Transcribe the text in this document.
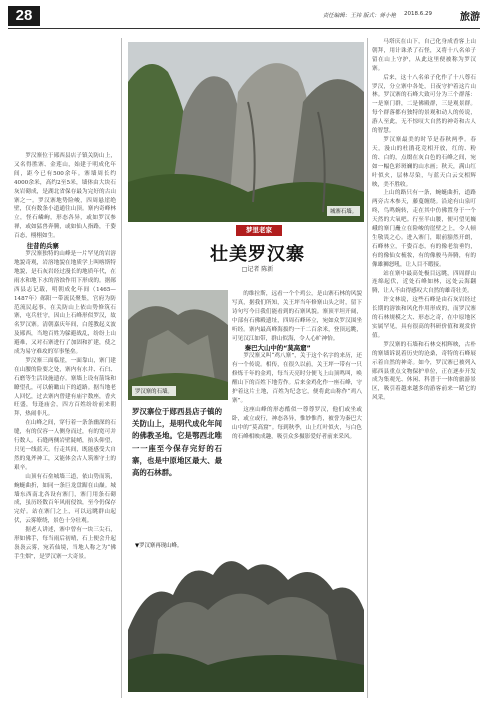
28	责任编辑：王祎 版式：蒋小艳 2018.6.29	旅游

罗汉寨位于郧西县店子镇关防山上，又名得胜寨、金莲山，始建于明成化年间，距今已有500余年。寨墙周长约4000余米，高约2至5米，墙体由大块石灰岩砌成，是湖北省保存最为完好的古山寨之一。罗汉寨地势险峻，四周悬崖绝壁，仅有数条小道通往山顶。寨内奇峰林立，怪石嶙峋，形态各异，或如罗汉参禅，或如猛兽奔腾，或如仙人指路，千姿百态，栩栩如生。

往昔的兵寨

罗汉寨独特的山峰是一片罕见的岩溶地貌奇观，岩溶地貌在地质学上叫喀斯特地貌，是石灰岩经过漫长的地质年代，在雨水和地下水的溶蚀作用下形成的。据郧西县志记载，明朝成化年间（1465—1487年）郧阳一带流民聚集，官府为防范流民起事，在关防山上依山势修筑石寨，屯兵驻守，因山上石峰形似罗汉，故名罗汉寨。清朝嘉庆年间，白莲教起义波及郧西，当地百姓为躲避战乱，纷纷上山避难，又对石寨进行了加固和扩建，使之成为易守难攻的军事堡垒。

罗汉寨三面临崖，一面靠山，寨门建在山腰的险要之处，寨内有水井、石臼、石磨等生活设施遗存。寨墙上设有箭垛和瞭望孔，可以俯瞰山下的道路。据当地老人回忆，过去寨内曾建有庙宇数座，香火旺盛，每逢庙会，四方百姓纷纷前来朝拜，热闹非凡。

在山峰之间，穿行着一条条幽深的石缝，有的仅容一人侧身而过，有的宽可并行数人。石缝两侧岩壁陡峭，抬头仰望，只见一线蓝天。行走其间，既能感受大自然的鬼斧神工，又能体会古人筑寨守土的艰辛。

山顶有石垒城墙三道，依山势而筑，蜿蜒曲折，如同一条巨龙盘踞在山巅。城墙东西南北各设有寨门，寨门用条石砌成，虽历经数百年风雨侵蚀，至今仍保存完好。站在寨门之上，可以远眺群山起伏，云雾缭绕，景色十分壮观。

据老人讲述，寨中曾有一块三尖石，形如佛手，每当雨后初晴，石上便会升起袅袅云雾，宛若仙境，当地人称之为“佛手生烟”，是罗汉寨一大奇景。

城寨石墙。
梦里老家
壮美罗汉寨
□记者 陈新
罗汉寨的石墙。

的维拉斯，远看一个个鸡公，是山寨石林的风貌写真，据我们所知，关王坪当年修寨山头之时，留下诗句写今日我们能看到的石寨风貌。寨顶平坦开阔，中部有石佛殿遗址，四周石峰环立，宛如众罗汉围坐听经。寨内最高峰海拔约一千二百余米，登顶远眺，可见汉江如带，群山似海，令人心旷神怡。

秦巴大山中的“莫高窟”

罗汉寨又叫“鸡八寨”，关于这个名字的来历，还有一个传说。相传，在很久以前，关王坪一带有一只修炼千年的金鸡，每当天亮时分便飞上山顶鸣叫，唤醒山下的百姓下地劳作。后来金鸡化作一座石峰，守护着这片土地，百姓为纪念它，便将此山称作“鸡八寨”。

这座山峰的形态酷似一尊尊罗汉，他们或坐或卧，或立或行，神态各异，惟妙惟肖，被誉为秦巴大山中的“莫高窟”。每到秋季，山上红叶似火，与白色的石峰相映成趣，吸引众多摄影爱好者前来采风。

罗汉寨位于郧西县店子镇的关防山上，是明代成化年间的佛教圣地。它是鄂西北唯一一座至今保存完好的石寨，也是中原地区最大、最高的石林群。
▼罗汉寨再现山峰。

马塔庆在山下，自己化身成香客上山朝拜，用计诛杀了石怪，又将十八名弟子留在山上守护，从此这里便被称为罗汉寨。

后来，这十八名弟子化作了十八尊石罗汉，分立寨中各处，日夜守护着这片山林。罗汉寨的石峰大致可分为三个群落：一是寨门群，二是佛殿群，三是观景群。每个群落都有独特的景观和动人的传说，游人至此，无不惊叹大自然的神奇和古人的智慧。

罗汉寨最美的时节是春秋两季。春天，漫山的杜鹃花竞相开放，红的、粉的、白的，点缀在灰白色的石峰之间，宛如一幅色彩斑斓的山水画；秋天，满山红叶似火，层林尽染，与蓝天白云交相辉映，美不胜收。

上山的路只有一条，蜿蜒曲折，道路两旁古木参天，藤蔓缠绕。沿途有山泉叮咚，鸟鸣婉转，走在其中仿佛置身于一个天然的大氧吧。行至半山腰，便可望见巍峨的寨门矗立在险峻的崖壁之上，令人顿生敬畏之心。进入寨门，眼前豁然开朗，石峰林立，千姿百态，有的像老翁垂钓，有的像仙女梳妆，有的像骏马奔腾，有的像雄狮怒吼，让人目不暇接。

站在寨中最高处极目远眺，四周群山连绵起伏，近处石峰如林，远处云海翻腾，让人不由得感叹大自然的雄奇壮美。

许文林说，这些石峰是由石灰岩经过长期的溶蚀和风化作用形成的，而罗汉寨的石林规模之大、形态之奇，在中原地区实属罕见，具有很高的科研价值和观赏价值。

罗汉寨的石墙和石林交相辉映，古朴的寨墙诉说着历史的沧桑，奇特的石峰展示着自然的神奇。如今，罗汉寨已被列入郧西县重点文物保护单位，正在逐步开发成为集观光、休闲、科普于一体的旅游景区，吸引着越来越多的游客前来一睹它的风采。
